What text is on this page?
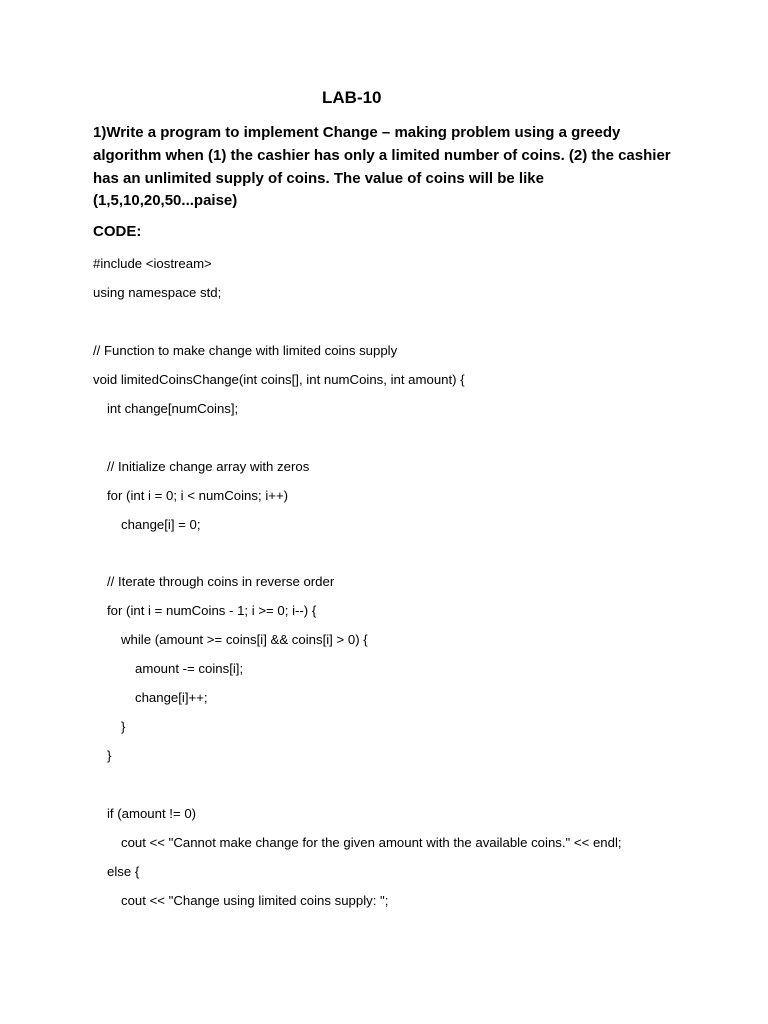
LAB-10

1)Write a program to implement Change – making problem using a greedy algorithm when (1) the cashier has only a limited number of coins. (2) the cashier has an unlimited supply of coins. The value of coins will be like (1,5,10,20,50...paise)

CODE:
#include <iostream>
using namespace std;
// Function to make change with limited coins supply
void limitedCoinsChange(int coins[], int numCoins, int amount) {
int change[numCoins];
// Initialize change array with zeros
for (int i = 0; i < numCoins; i++)
change[i] = 0;
// Iterate through coins in reverse order
for (int i = numCoins - 1; i >= 0; i--) {
while (amount >= coins[i] && coins[i] > 0) {
amount -= coins[i];
change[i]++;
}
}
if (amount != 0)
cout << "Cannot make change for the given amount with the available coins." << endl;
else {
cout << "Change using limited coins supply: ";
